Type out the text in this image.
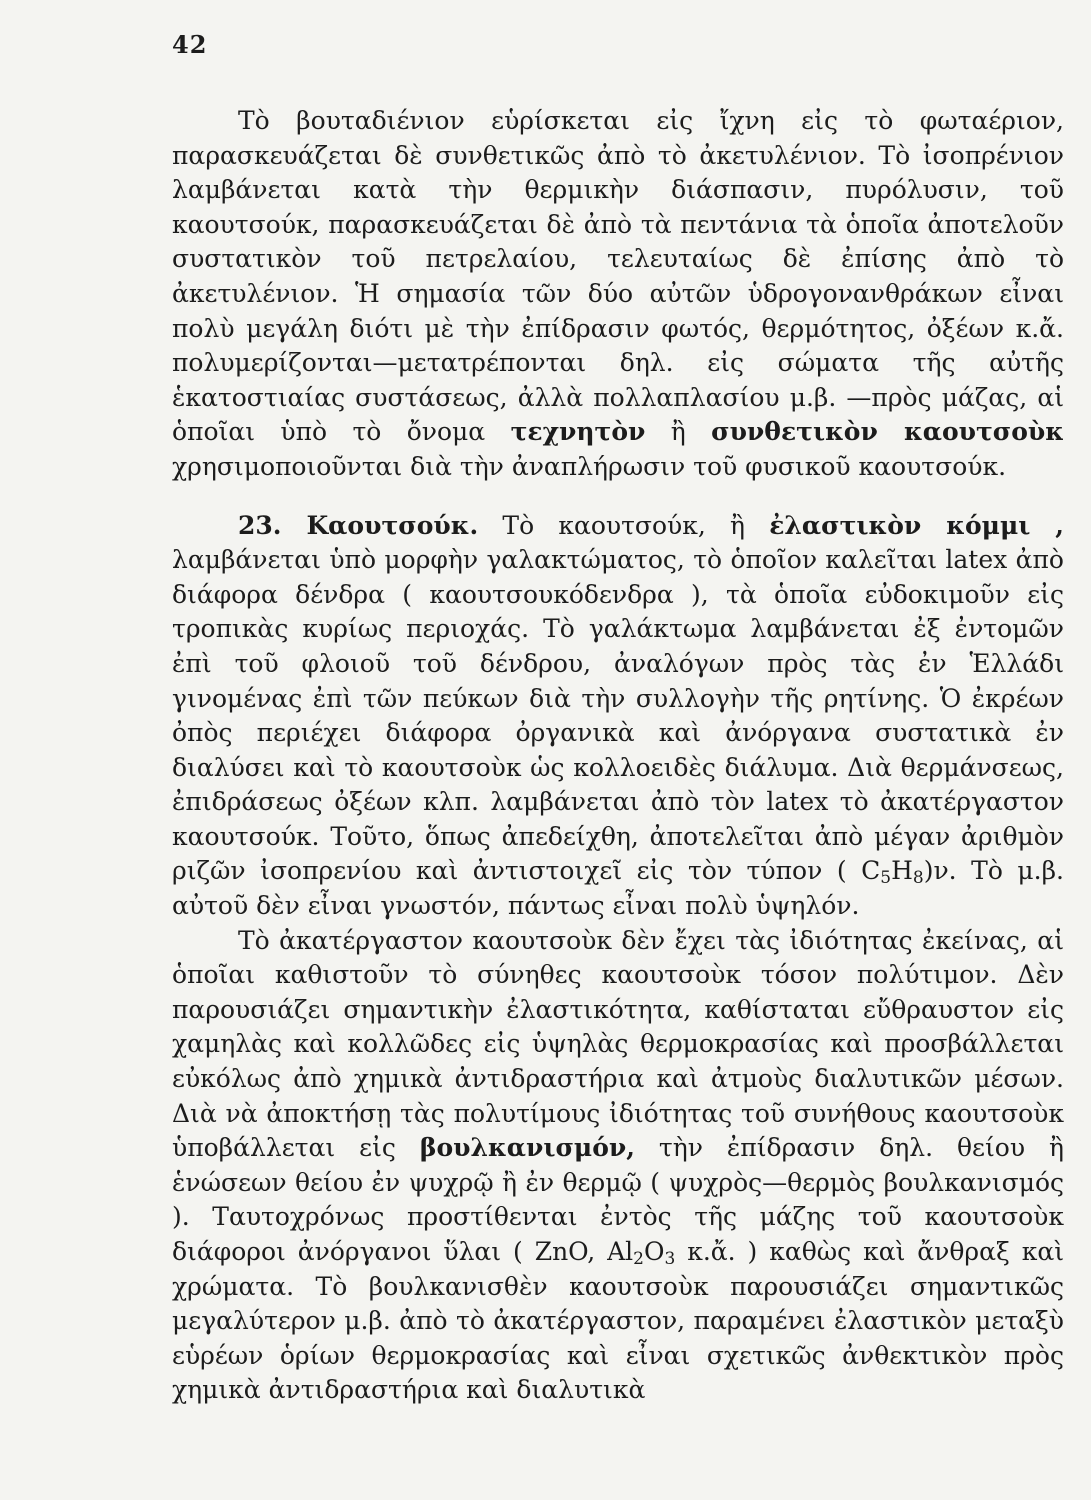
42

Τὸ βουταδιένιον εὑρίσκεται εἰς ἴχνη εἰς τὸ φωταέριον, παρασκευάζεται δὲ συνθετικῶς ἀπὸ τὸ ἀκετυλένιον. Τὸ ἰσοπρένιον λαμβάνεται κατὰ τὴν θερμικὴν διάσπασιν, πυρόλυσιν, τοῦ καουτσούκ, παρασκευάζεται δὲ ἀπὸ τὰ πεντάνια τὰ ὁποῖα ἀποτελοῦν συστατικὸν τοῦ πετρελαίου, τελευταίως δὲ ἐπίσης ἀπὸ τὸ ἀκετυλένιον. Ἡ σημασία τῶν δύο αὐτῶν ὑδρογονανθράκων εἶναι πολὺ μεγάλη διότι μὲ τὴν ἐπίδρασιν φωτός, θερμότητος, ὀξέων κ.ἄ. πολυμερίζονται—μετατρέπονται δηλ. εἰς σώματα τῆς αὐτῆς ἑκατοστιαίας συστάσεως, ἀλλὰ πολλαπλασίου μ.β. —πρὸς μάζας, αἱ ὁποῖαι ὑπὸ τὸ ὄνομα τεχνητὸν ἢ συνθετικὸν καουτσοὺκ χρησιμοποιοῦνται διὰ τὴν ἀναπλήρωσιν τοῦ φυσικοῦ καουτσούκ.

23. Καουτσούκ. Τὸ καουτσούκ, ἢ ἐλαστικὸν κόμμι , λαμβάνεται ὑπὸ μορφὴν γαλακτώματος, τὸ ὁποῖον καλεῖται latex ἀπὸ διάφορα δένδρα ( καουτσουκόδενδρα ), τὰ ὁποῖα εὐδοκιμοῦν εἰς τροπικὰς κυρίως περιοχάς. Τὸ γαλάκτωμα λαμβάνεται ἐξ ἐντομῶν ἐπὶ τοῦ φλοιοῦ τοῦ δένδρου, ἀναλόγων πρὸς τὰς ἐν Ἑλλάδι γινομένας ἐπὶ τῶν πεύκων διὰ τὴν συλλογὴν τῆς ρητίνης. Ὁ ἐκρέων ὀπὸς περιέχει διάφορα ὀργανικὰ καὶ ἀνόργανα συστατικὰ ἐν διαλύσει καὶ τὸ καουτσοὺκ ὡς κολλοειδὲς διάλυμα. Διὰ θερμάνσεως, ἐπιδράσεως ὀξέων κλπ. λαμβάνεται ἀπὸ τὸν latex τὸ ἀκατέργαστον καουτσούκ. Τοῦτο, ὅπως ἀπεδείχθη, ἀποτελεῖται ἀπὸ μέγαν ἀριθμὸν ριζῶν ἰσοπρενίου καὶ ἀντιστοιχεῖ εἰς τὸν τύπον ( $C_5H_8)\nu$. Τὸ μ.β. αὐτοῦ δὲν εἶναι γνωστόν, πάντως εἶναι πολὺ ὑψηλόν.

Τὸ ἀκατέργαστον καουτσοὺκ δὲν ἔχει τὰς ἰδιότητας ἐκείνας, αἱ ὁποῖαι καθιστοῦν τὸ σύνηθες καουτσοὺκ τόσον πολύτιμον. Δὲν παρουσιάζει σημαντικὴν ἐλαστικότητα, καθίσταται εὔθραυστον εἰς χαμηλὰς καὶ κολλῶδες εἰς ὑψηλὰς θερμοκρασίας καὶ προσβάλλεται εὐκόλως ἀπὸ χημικὰ ἀντιδραστήρια καὶ ἀτμοὺς διαλυτικῶν μέσων. Διὰ νὰ ἀποκτήσῃ τὰς πολυτίμους ἰδιότητας τοῦ συνήθους καουτσοὺκ ὑποβάλλεται εἰς βουλκανισμόν, τὴν ἐπίδρασιν δηλ. θείου ἢ ἑνώσεων θείου ἐν ψυχρῷ ἢ ἐν θερμῷ ( ψυχρὸς—θερμὸς βουλκανισμός ). Ταυτοχρόνως προστίθενται ἐντὸς τῆς μάζης τοῦ καουτσοὺκ διάφοροι ἀνόργανοι ὕλαι ( ZnO, $Al_2O_3$ κ.ἄ. ) καθὼς καὶ ἄνθραξ καὶ χρώματα. Τὸ βουλκανισθὲν καουτσοὺκ παρουσιάζει σημαντικῶς μεγαλύτερον μ.β. ἀπὸ τὸ ἀκατέργαστον, παραμένει ἐλαστικὸν μεταξὺ εὑρέων ὁρίων θερμοκρασίας καὶ εἶναι σχετικῶς ἀνθεκτικὸν πρὸς χημικὰ ἀντιδραστήρια καὶ διαλυτικὰ
